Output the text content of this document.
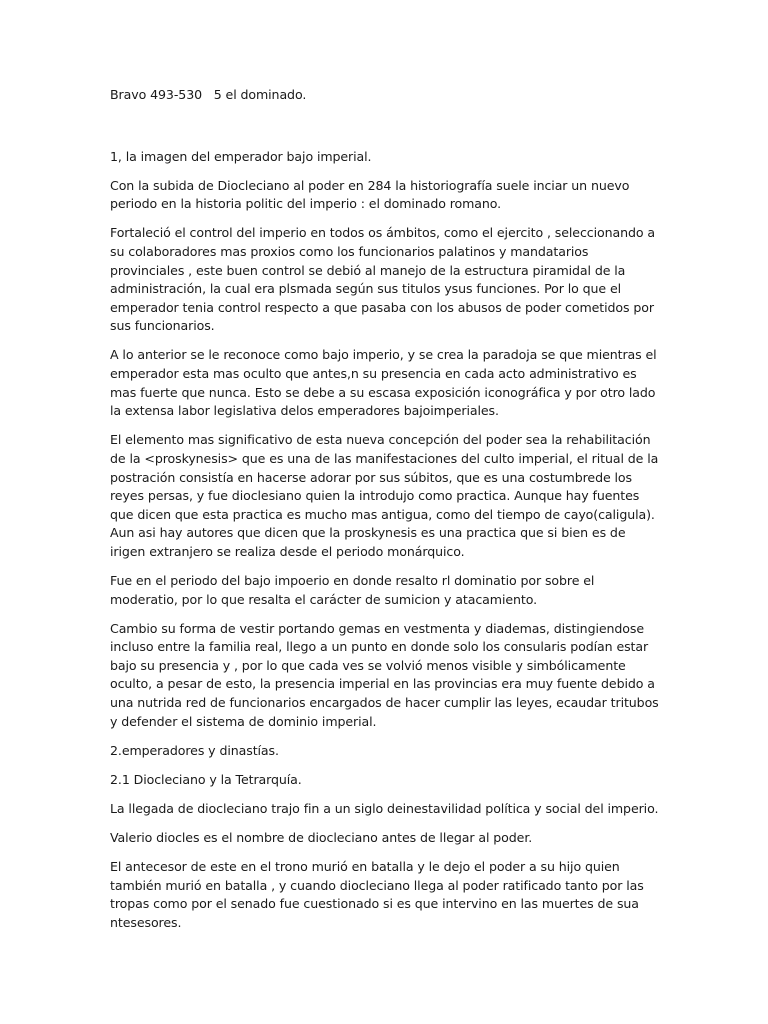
Bravo 493-530   5 el dominado.

1, la imagen del emperador bajo imperial.

Con la subida de Diocleciano al poder en 284 la historiografía suele inciar un nuevo periodo en la historia politic del imperio : el dominado romano.

Fortaleció el control del imperio en todos os ámbitos, como el ejercito , seleccionando a su colaboradores mas proxios como los funcionarios palatinos y mandatarios provinciales , este buen control se debió al manejo de la estructura piramidal de la administración, la cual era plsmada según sus titulos ysus funciones. Por lo que el emperador tenia control respecto a que pasaba con los abusos de poder cometidos por sus funcionarios.

A lo anterior se le reconoce como bajo imperio, y se crea la paradoja se que mientras el emperador esta mas oculto que antes,n su presencia en cada acto administrativo es mas fuerte que nunca. Esto se debe a su escasa exposición iconográfica y por otro lado la extensa labor legislativa delos emperadores bajoimperiales.

El elemento mas significativo de esta nueva concepción del poder sea la rehabilitación de la <proskynesis> que es una de las manifestaciones del culto imperial, el ritual de la postración consistía en hacerse adorar por sus súbitos, que es una costumbrede los reyes persas, y fue dioclesiano quien la introdujo como practica. Aunque hay fuentes que dicen que esta practica es mucho mas antigua, como del tiempo de cayo(caligula). Aun asi hay autores que dicen que la proskynesis es una practica que si bien es de irigen extranjero se realiza desde el periodo monárquico.

Fue en el periodo del bajo impoerio en donde resalto rl dominatio por sobre el moderatio, por lo que resalta el carácter de sumicion y atacamiento.

Cambio su forma de vestir portando gemas en vestmenta y diademas, distingiendose incluso entre la familia real, llego a un punto en donde solo los consularis podían estar bajo su presencia y , por lo que cada ves se volvió menos visible y simbólicamente oculto, a pesar de esto, la presencia imperial en las provincias era muy fuente debido a una nutrida red de funcionarios encargados de hacer cumplir las leyes, ecaudar tritubos y defender el sistema de dominio imperial.

2.emperadores y dinastías.

2.1 Diocleciano y la Tetrarquía.

La llegada de diocleciano trajo fin a un siglo deinestavilidad política y social del imperio.

Valerio diocles es el nombre de diocleciano antes de llegar al poder.

El antecesor de este en el trono murió en batalla y le dejo el poder a su hijo quien también murió en batalla , y cuando diocleciano llega al poder ratificado tanto por las tropas como por el senado fue cuestionado si es que intervino en las muertes de sua ntesesores.
